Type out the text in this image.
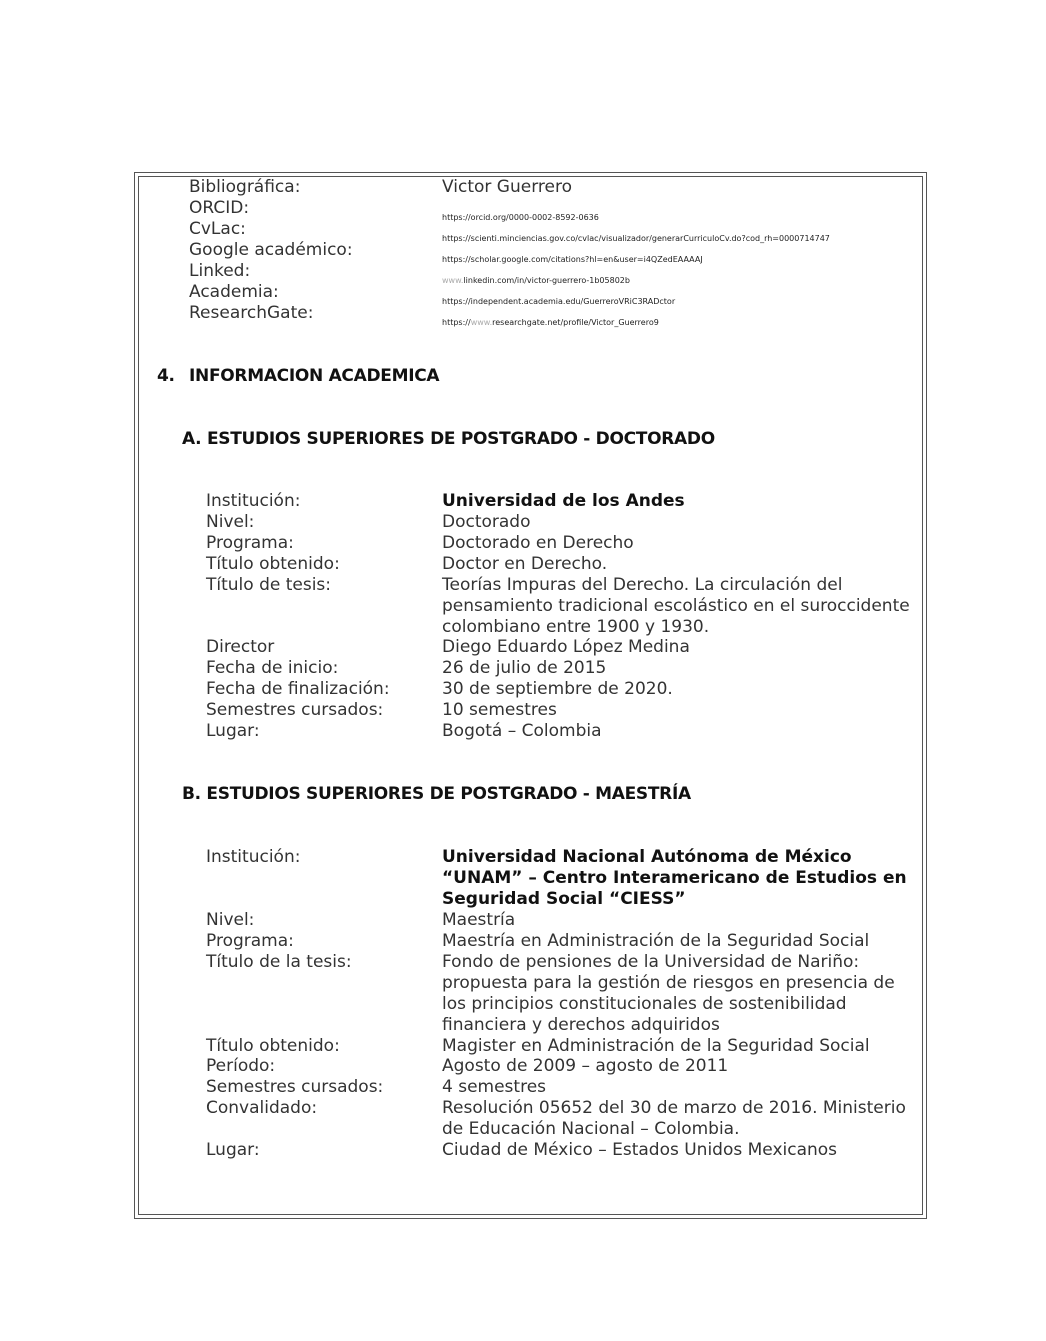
Bibliográfica:	Victor Guerrero
ORCID:	https://orcid.org/0000-0002-8592-0636
CvLac:	https://scienti.minciencias.gov.co/cvlac/visualizador/generarCurriculoCv.do?cod_rh=0000714747
Google académico:	https://scholar.google.com/citations?hl=en&user=i4QZedEAAAAJ
Linked:	www.linkedin.com/in/victor-guerrero-1b05802b
Academia:	https://independent.academia.edu/GuerreroVRiC3RADctor
ResearchGate:	https://www.researchgate.net/profile/Victor_Guerrero9
4. INFORMACION ACADEMICA
A. ESTUDIOS SUPERIORES DE POSTGRADO - DOCTORADO
Institución:	Universidad de los Andes
Nivel:	Doctorado
Programa:	Doctorado en Derecho
Título obtenido:	Doctor en Derecho.
Título de tesis:	Teorías Impuras del Derecho. La circulación del pensamiento tradicional escolástico en el suroccidente colombiano entre 1900 y 1930.
Director	Diego Eduardo López Medina
Fecha de inicio:	26 de julio de 2015
Fecha de finalización:	30 de septiembre de 2020.
Semestres cursados:	10 semestres
Lugar:	Bogotá – Colombia
B. ESTUDIOS SUPERIORES DE POSTGRADO - MAESTRÍA
Institución:	Universidad Nacional Autónoma de México “UNAM” – Centro Interamericano de Estudios en Seguridad Social “CIESS”
Nivel:	Maestría
Programa:	Maestría en Administración de la Seguridad Social
Título de la tesis:	Fondo de pensiones de la Universidad de Nariño: propuesta para la gestión de riesgos en presencia de los principios constitucionales de sostenibilidad financiera y derechos adquiridos
Título obtenido:	Magister en Administración de la Seguridad Social
Período:	Agosto de 2009 – agosto de 2011
Semestres cursados:	4 semestres
Convalidado:	Resolución 05652 del 30 de marzo de 2016. Ministerio de Educación Nacional – Colombia.
Lugar:	Ciudad de México – Estados Unidos Mexicanos
